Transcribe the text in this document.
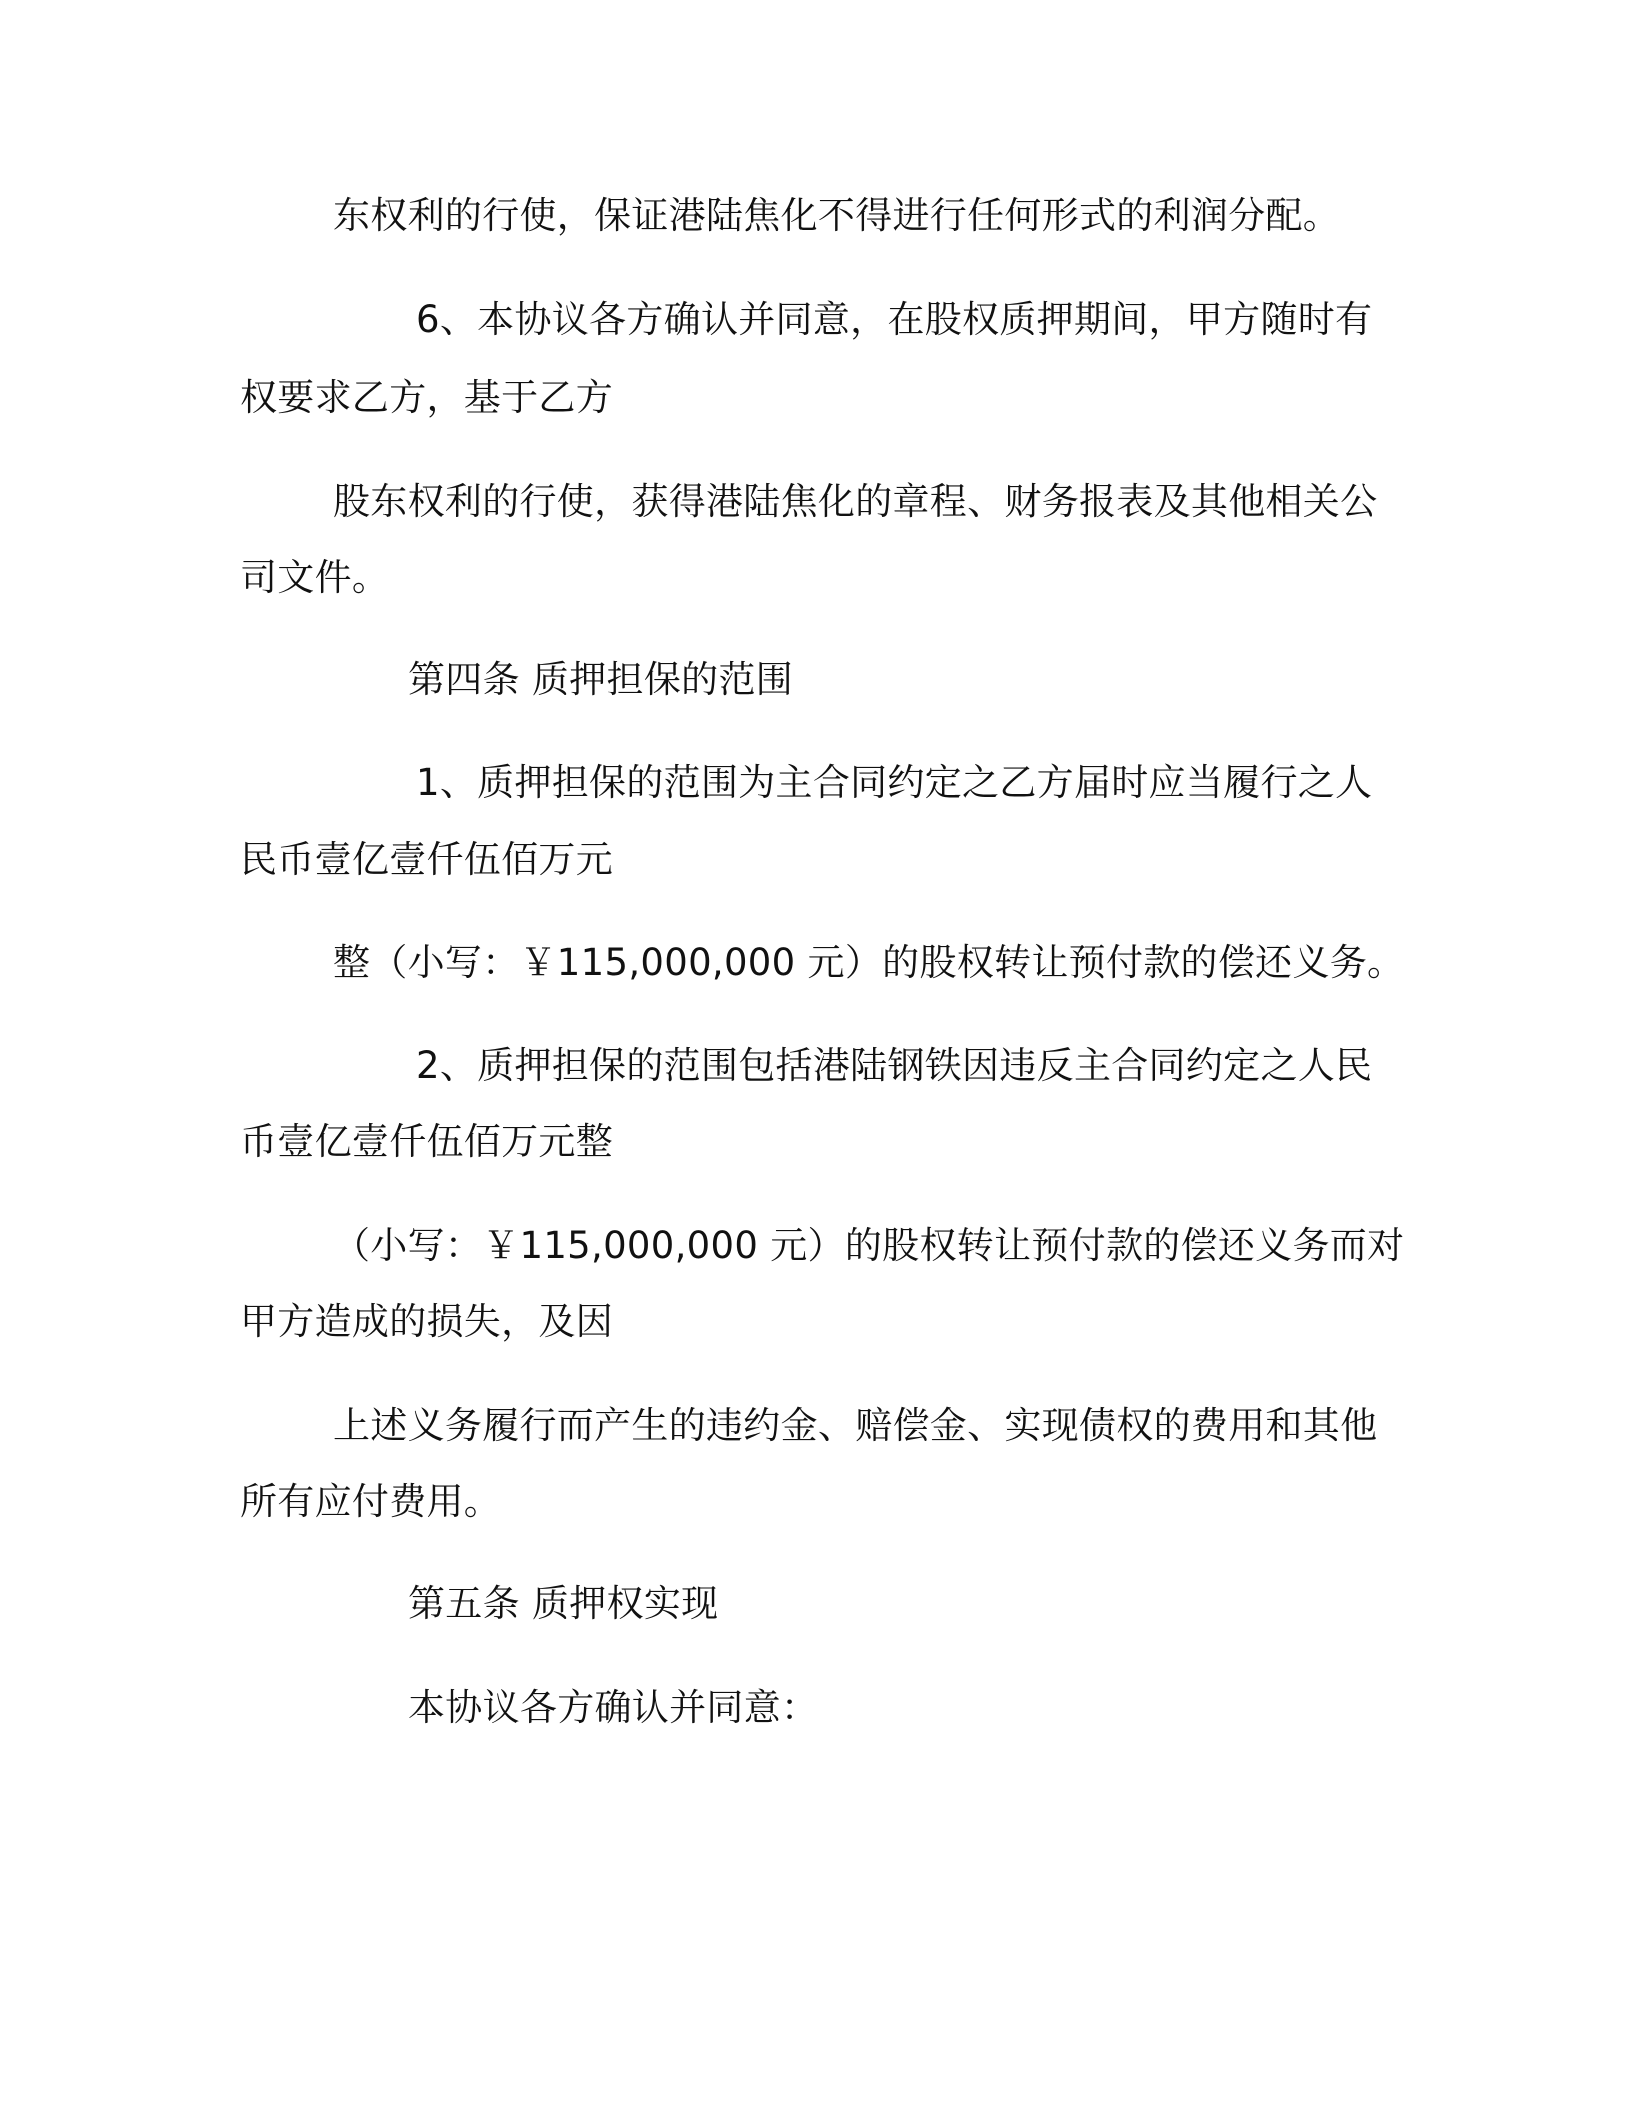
东权利的行使，保证港陆焦化不得进行任何形式的利润分配。
6、本协议各方确认并同意，在股权质押期间，甲方随时有
权要求乙方，基于乙方
股东权利的行使，获得港陆焦化的章程、财务报表及其他相关公
司文件。
第四条 质押担保的范围
1、质押担保的范围为主合同约定之乙方届时应当履行之人
民币壹亿壹仟伍佰万元
整（小写：￥115,000,000 元）的股权转让预付款的偿还义务。
2、质押担保的范围包括港陆钢铁因违反主合同约定之人民
币壹亿壹仟伍佰万元整
（小写：￥115,000,000 元）的股权转让预付款的偿还义务而对
甲方造成的损失，及因
上述义务履行而产生的违约金、赔偿金、实现债权的费用和其他
所有应付费用。
第五条 质押权实现
本协议各方确认并同意：
